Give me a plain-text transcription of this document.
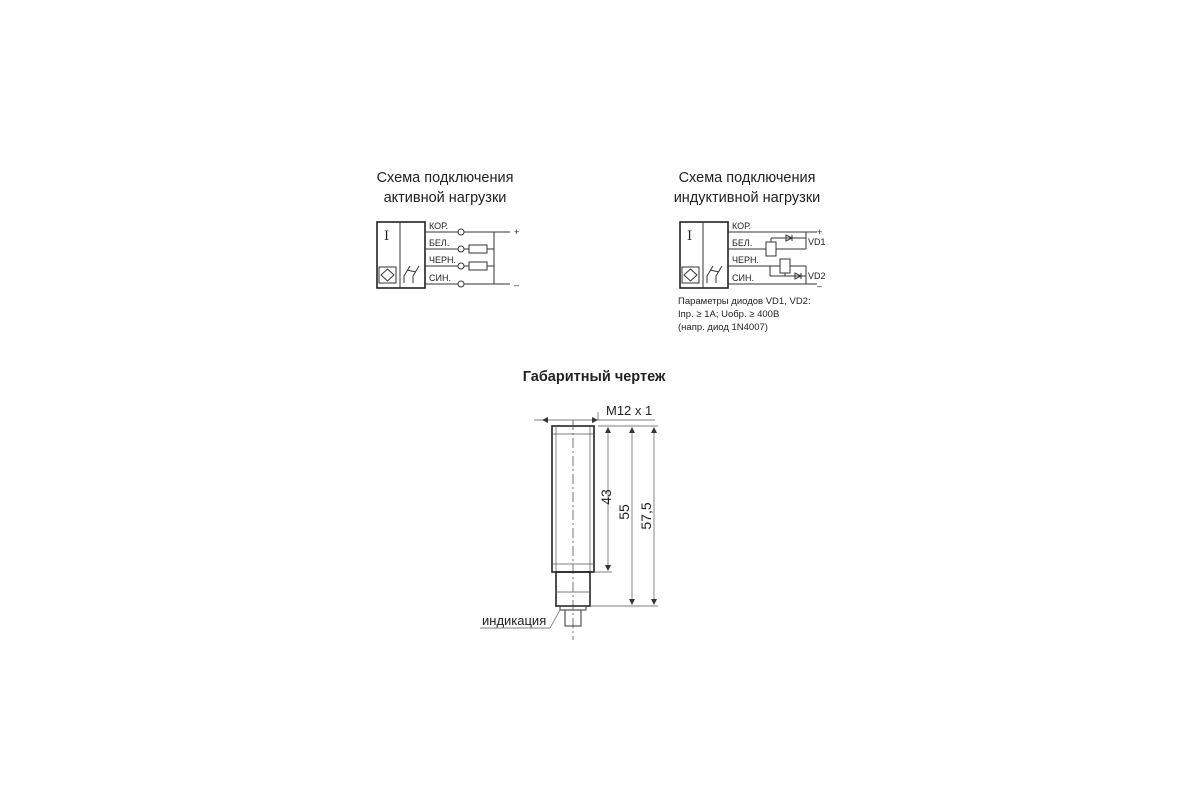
Схема подключения
активной нагрузки
I
КОР.
БЕЛ.
ЧЕРН.
СИН.
+
–
Схема подключения
индуктивной нагрузки
I
КОР.
БЕЛ.
ЧЕРН.
СИН.
+
–
VD1
VD2
Параметры диодов VD1, VD2:
Iпр. ≥ 1А; Uобр. ≥ 400В
(напр. диод 1N4007)
Габаритный чертеж
M12 x 1
43
55 57,5
индикация
